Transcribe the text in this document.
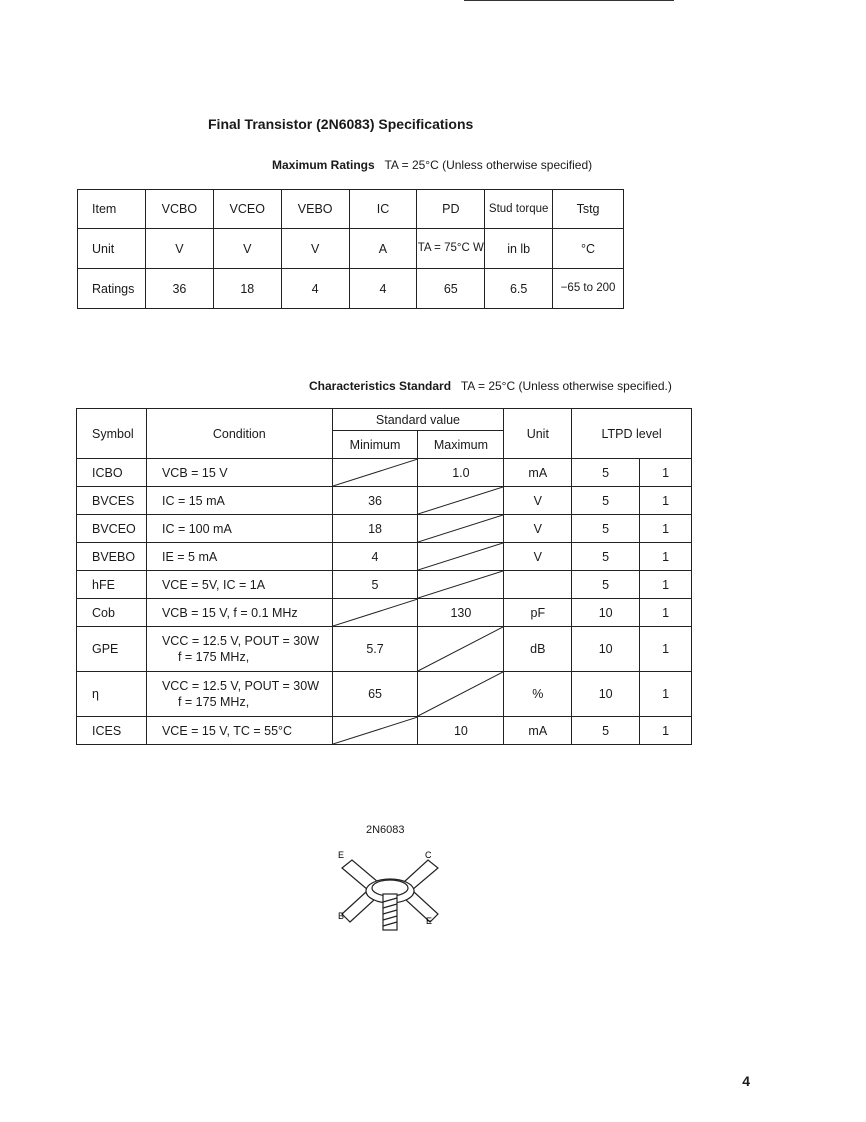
Final Transistor (2N6083) Specifications
Maximum Ratings TA = 25°C (Unless otherwise specified)
Item	VCBO	VCEO	VEBO	IC	PD	Stud torque	Tstg
Unit	V	V	V	A	TA = 75°C W	in lb	°C
Ratings	36	18	4	4	65	6.5	−65 to 200
Characteristics Standard TA = 25°C (Unless otherwise specified.)
Symbol	Condition	Standard value		Unit	LTPD level	
		Minimum	Maximum			
ICBO	VCB = 15 V		1.0	mA	5	1
BVCES	IC = 15 mA	36		V	5	1
BVCEO	IC = 100 mA	18		V	5	1
BVEBO	IE = 5 mA	4		V	5	1
hFE	VCE = 5V, IC = 1A	5			5	1
Cob	VCB = 15 V, f = 0.1 MHz		130	pF	10	1
GPE	VCC = 12.5 V, POUT = 30W
f = 175 MHz,	5.7		dB	10	1
η	VCC = 12.5 V, POUT = 30W
f = 175 MHz,	65		%	10	1
ICES	VCE = 15 V, TC = 55°C		10	mA	5	1
2N6083
E	C
B	E
4
